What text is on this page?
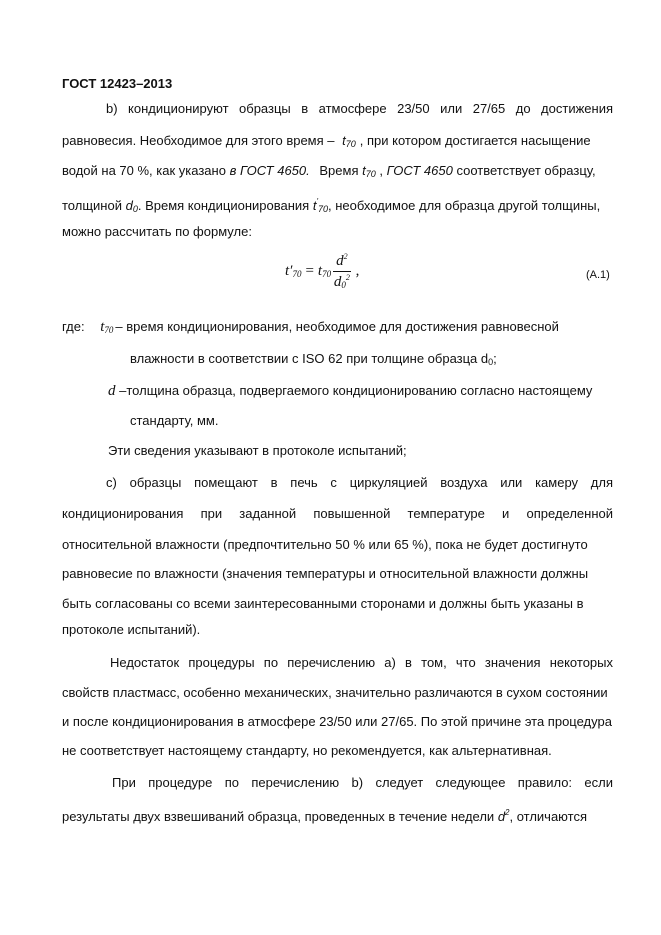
ГОСТ 12423–2013
b) кондиционируют образцы в атмосфере 23/50 или 27/65 до достижения
равновесия. Необходимое для этого время – $t_{70}$ , при котором достигается насыщение
водой на 70 %, как указано в ГОСТ 4650. Время $t_{70}$ , ГОСТ 4650 соответствует образцу,
толщиной $d_0$. Время кондиционирования $t'_{70}$, необходимое для образца другой толщины,
можно рассчитать по формуле:
$t'_{70} = t_{70} \frac{d^2}{d_0^2}$ ,	(А.1)
где: $t_{70}$ – время кондиционирования, необходимое для достижения равновесной
влажности в соответствии с ISO 62 при толщине образца $d_0$;
d –толщина образца, подвергаемого кондиционированию согласно настоящему
стандарту, мм.
Эти сведения указывают в протоколе испытаний;
с) образцы помещают в печь с циркуляцией воздуха или камеру для
кондиционирования при заданной повышенной температуре и определенной
относительной влажности (предпочтительно 50 % или 65 %), пока не будет достигнуто
равновесие по влажности (значения температуры и относительной влажности должны
быть согласованы со всеми заинтересованными сторонами и должны быть указаны в
протоколе испытаний).
Недостаток процедуры по перечислению а) в том, что значения некоторых
свойств пластмасс, особенно механических, значительно различаются в сухом состоянии
и после кондиционирования в атмосфере 23/50 или 27/65. По этой причине эта процедура
не соответствует настоящему стандарту, но рекомендуется, как альтернативная.
При процедуре по перечислению b) следует следующее правило: если
результаты двух взвешиваний образца, проведенных в течение недели $d^2$, отличаются
